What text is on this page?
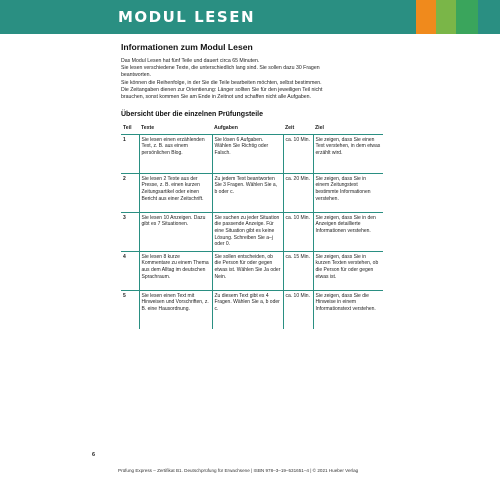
MODUL LESEN
Informationen zum Modul Lesen

Das Modul Lesen hat fünf Teile und dauert circa 65 Minuten.

Sie lesen verschiedene Texte, die unterschiedlich lang sind. Sie sollen dazu 30 Fragen

beantworten.

Sie können die Reihenfolge, in der Sie die Teile bearbeiten möchten, selbst bestimmen.

Die Zeitangaben dienen zur Orientierung: Länger sollten Sie für den jeweiligen Teil nicht

brauchen, sonst kommen Sie am Ende in Zeitnot und schaffen nicht alle Aufgaben.

Übersicht über die einzelnen Prüfungsteile
Teil	Texte	Aufgaben	Zeit	Ziel
1	Sie lesen einen erzählenden Text, z. B. aus einem persönlichen Blog.	Sie lösen 6 Aufgaben. Wählen Sie Richtig oder Falsch.	ca. 10 Min.	Sie zeigen, dass Sie einen Text verstehen, in dem etwas erzählt wird.
2	Sie lesen 2 Texte aus der Presse, z. B. einen kurzen Zeitungsartikel oder einen Bericht aus einer Zeitschrift.	Zu jedem Text beantworten Sie 3 Fragen. Wählen Sie a, b oder c.	ca. 20 Min.	Sie zeigen, dass Sie in einem Zeitungstext bestimmte Informationen verstehen.
3	Sie lesen 10 Anzeigen. Dazu gibt es 7 Situationen.	Sie suchen zu jeder Situation die passende Anzeige. Für eine Situation gibt es keine Lösung. Schreiben Sie a–j oder 0.	ca. 10 Min.	Sie zeigen, dass Sie in den Anzeigen detaillierte Informationen verstehen.
4	Sie lesen 8 kurze Kommentare zu einem Thema aus dem Alltag im deutschen Sprachraum.	Sie sollen entscheiden, ob die Person für oder gegen etwas ist. Wählen Sie Ja oder Nein.	ca. 15 Min.	Sie zeigen, dass Sie in kurzen Texten verstehen, ob die Person für oder gegen etwas ist.
5	Sie lesen einen Text mit Hinweisen und Vorschriften, z. B. eine Hausordnung.	Zu diesem Text gibt es 4 Fragen. Wählen Sie a, b oder c.	ca. 10 Min.	Sie zeigen, dass Sie die Hinweise in einem Informationstext verstehen.
6
Prüfung Express – Zertifikat B1. Deutschprüfung für Erwachsene | ISBN 978–3–19–531651–4 | © 2021 Hueber Verlag
